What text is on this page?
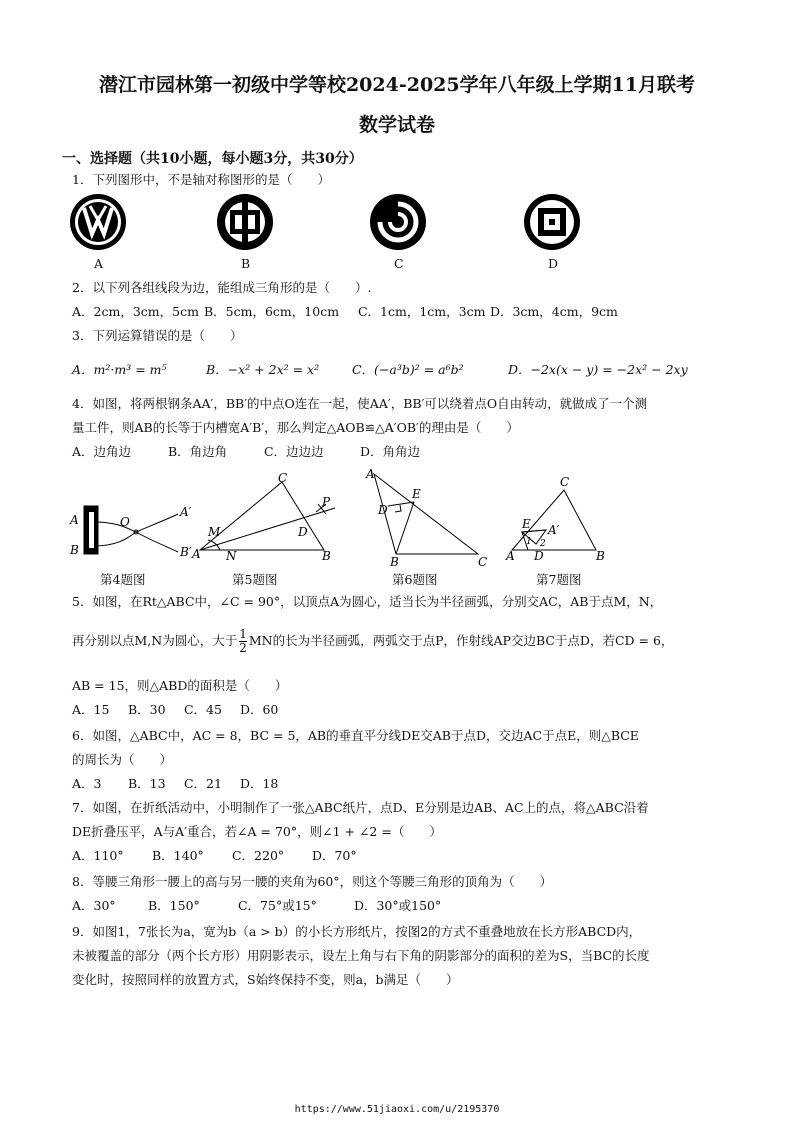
潜江市园林第一初级中学等校2024-2025学年八年级上学期11月联考
数学试卷
一、选择题（共10小题，每小题3分，共30分）
1．下列图形中，不是轴对称图形的是（　　）
A	B	C	D
2．以下列各组线段为边，能组成三角形的是（　　）.
A．2cm，3cm，5cm B．5cm，6cm，10cm C．1cm，1cm，3cm D．3cm，4cm，9cm
3．下列运算错误的是（　　）
A．m²·m³ = m⁵	B．−x² + 2x² = x²	C．(−a³b)² = a⁶b²	D．−2x(x − y) = −2x² − 2xy
4．如图，将两根钢条AA′，BB′的中点O连在一起，使AA′，BB′可以绕着点O自由转动，就做成了一个测
量工件，则AB的长等于内槽宽A′B′，那么判定△AOB≌△A′OB′的理由是（　　）
A．边角边	B．角边角	C．边边边	D．角角边
A
B
O
A′
B′
C
M
A N
D
P
B
A
D
E
B	C
C
E A′
1 2
A D	B
第4题图	第5题图	第6题图	第7题图
5．如图，在Rt△ABC中，∠C = 90°，以顶点A为圆心，适当长为半径画弧，分别交AC，AB于点M，N，
再分别以点M,N为圆心，大于 $\frac{1}{2}$ MN的长为半径画弧，两弧交于点P，作射线AP交边BC于点D，若CD = 6，
AB = 15，则△ABD的面积是（　　）
A．15 B．30 C．45 D．60
6．如图，△ABC中，AC = 8，BC = 5，AB的垂直平分线DE交AB于点D，交边AC于点E，则△BCE
的周长为（　　）
A．3 B．13 C．21 D．18
7．如图，在折纸活动中，小明制作了一张△ABC纸片，点D、E分别是边AB、AC上的点，将△ABC沿着
DE折叠压平，A与A′重合，若∠A = 70°，则∠1 + ∠2 =（　　）
A．110° B．140° C．220° D．70°
8．等腰三角形一腰上的高与另一腰的夹角为60°，则这个等腰三角形的顶角为（　　）
A．30°	B．150°	C．75°或15°	D．30°或150°
9．如图1，7张长为a，宽为b（a > b）的小长方形纸片，按图2的方式不重叠地放在长方形ABCD内，
未被覆盖的部分（两个长方形）用阴影表示，设左上角与右下角的阴影部分的面积的差为S，当BC的长度
变化时，按照同样的放置方式，S始终保持不变，则a，b满足（　　）
https://www.51jiaoxi.com/u/2195370
